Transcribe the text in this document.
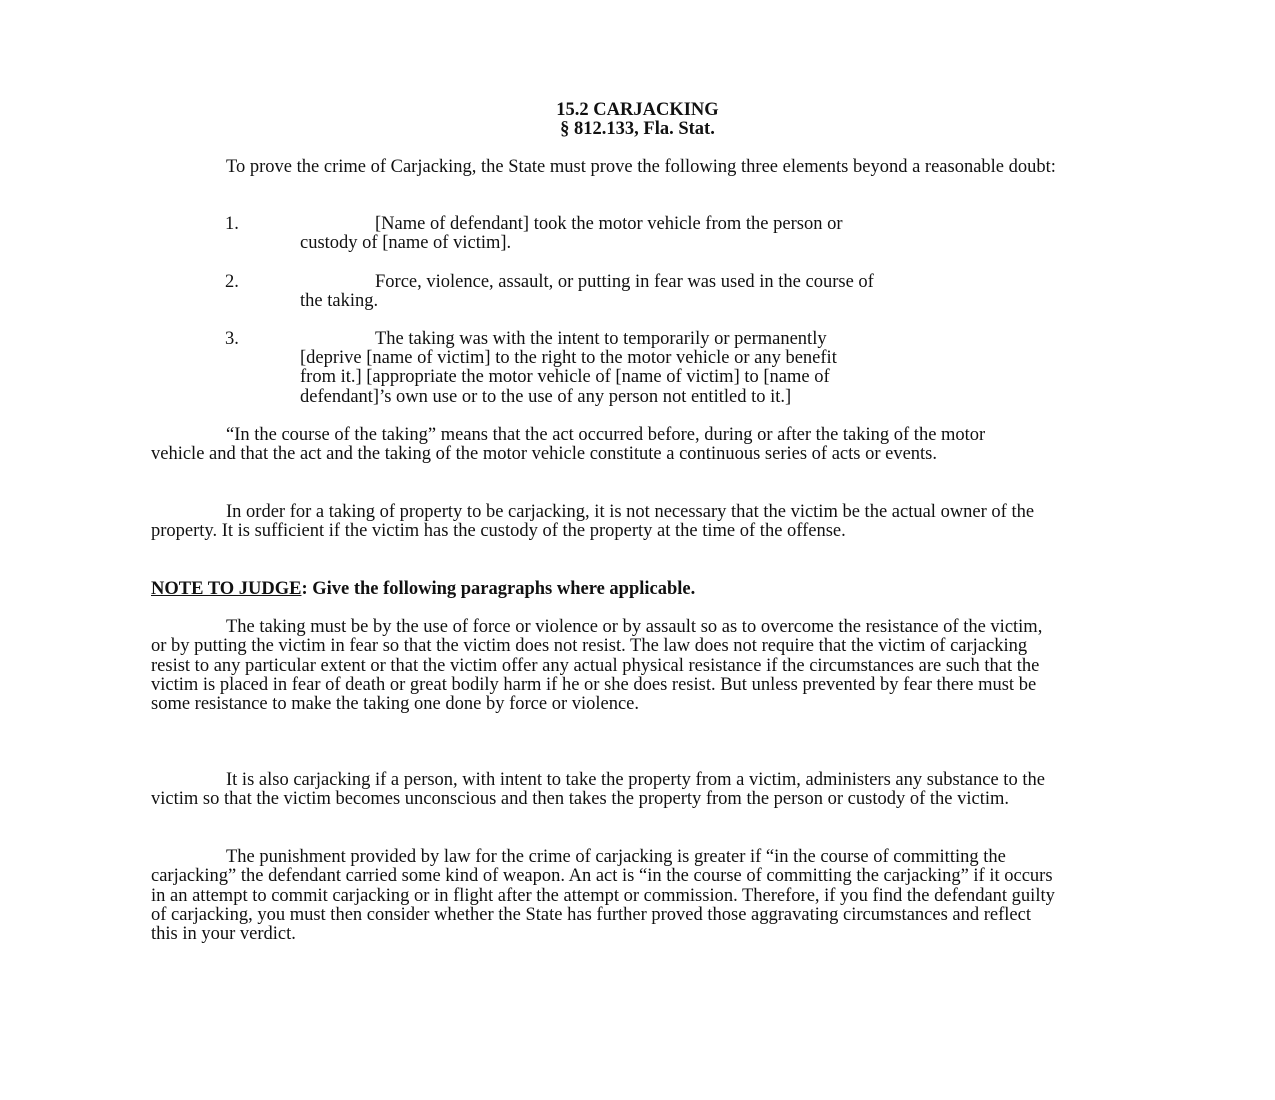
15.2 CARJACKING

§ 812.133, Fla. Stat.

To prove the crime of Carjacking, the State must prove the following three elements beyond a reasonable doubt:

1.	[Name of defendant] took the motor vehicle from the person or
custody of [name of victim].
2.	Force, violence, assault, or putting in fear was used in the course of
the taking.
3.	The taking was with the intent to temporarily or permanently
[deprive [name of victim] to the right to the motor vehicle or any benefit
from it.] [appropriate the motor vehicle of [name of victim] to [name of
defendant]’s own use or to the use of any person not entitled to it.]

“In the course of the taking” means that the act occurred before, during or after the taking of the motor vehicle and that the act and the taking of the motor vehicle constitute a continuous series of acts or events.

In order for a taking of property to be carjacking, it is not necessary that the victim be the actual owner of the property. It is sufficient if the victim has the custody of the property at the time of the offense.

NOTE TO JUDGE: Give the following paragraphs where applicable.

The taking must be by the use of force or violence or by assault so as to overcome the resistance of the victim, or by putting the victim in fear so that the victim does not resist. The law does not require that the victim of carjacking resist to any particular extent or that the victim offer any actual physical resistance if the circumstances are such that the victim is placed in fear of death or great bodily harm if he or she does resist. But unless prevented by fear there must be some resistance to make the taking one done by force or violence.

It is also carjacking if a person, with intent to take the property from a victim, administers any substance to the victim so that the victim becomes unconscious and then takes the property from the person or custody of the victim.

The punishment provided by law for the crime of carjacking is greater if “in the course of committing the carjacking” the defendant carried some kind of weapon. An act is “in the course of committing the carjacking” if it occurs in an attempt to commit carjacking or in flight after the attempt or commission. Therefore, if you find the defendant guilty of carjacking, you must then consider whether the State has further proved those aggravating circumstances and reflect this in your verdict.
